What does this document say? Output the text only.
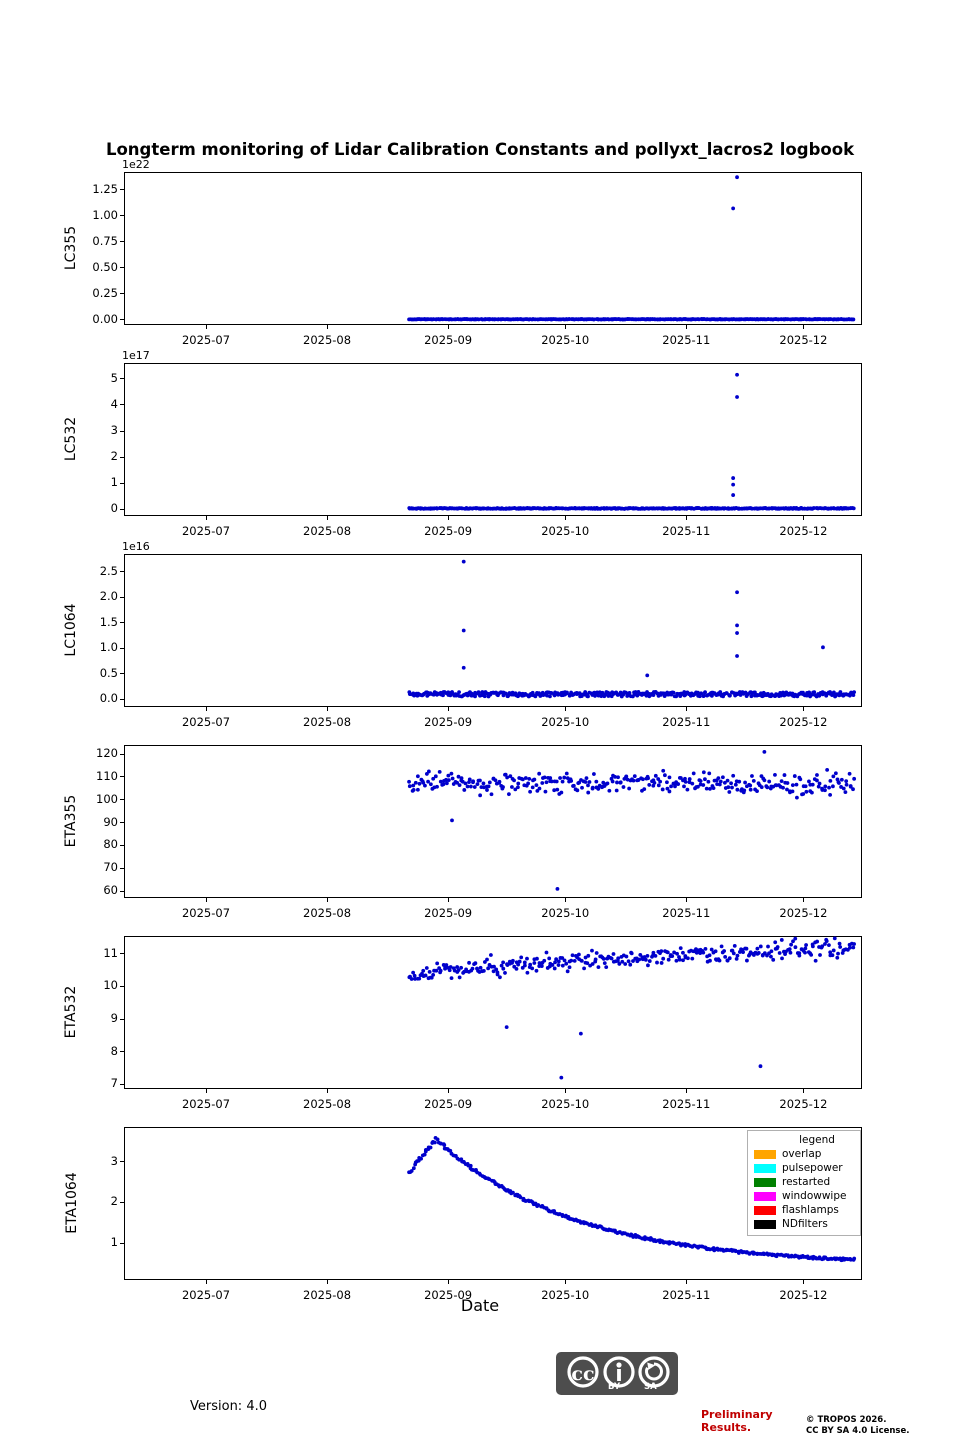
Longterm monitoring of Lidar Calibration Constants and pollyxt_lacros2 logbook
1e22
LC355
1e17
LC532
1e16
LC1064
ETA355
ETA532
ETA1064
legend
overlap
pulsepower
restarted
windowwipe
flashlamps
NDfilters
Date
Version: 4.0
cc
BY	SA
Preliminary
Results.
© TROPOS 2026.
CC BY SA 4.0 License.
0.00
0.25
0.50
0.75
1.00
1.25
2025-07	2025-08	2025-09	2025-10	2025-11	2025-12
0
1
2
3
4
5
2025-07	2025-08	2025-09	2025-10	2025-11	2025-12
0.0
0.5
1.0
1.5
2.0
2.5
2025-07	2025-08	2025-09	2025-10	2025-11	2025-12
60
70
80
90
100
110
120
2025-07	2025-08	2025-09	2025-10	2025-11	2025-12
7
8
9
10
11
2025-07	2025-08	2025-09	2025-10	2025-11	2025-12
1
2
3
2025-07	2025-08	2025-09	2025-10	2025-11	2025-12
